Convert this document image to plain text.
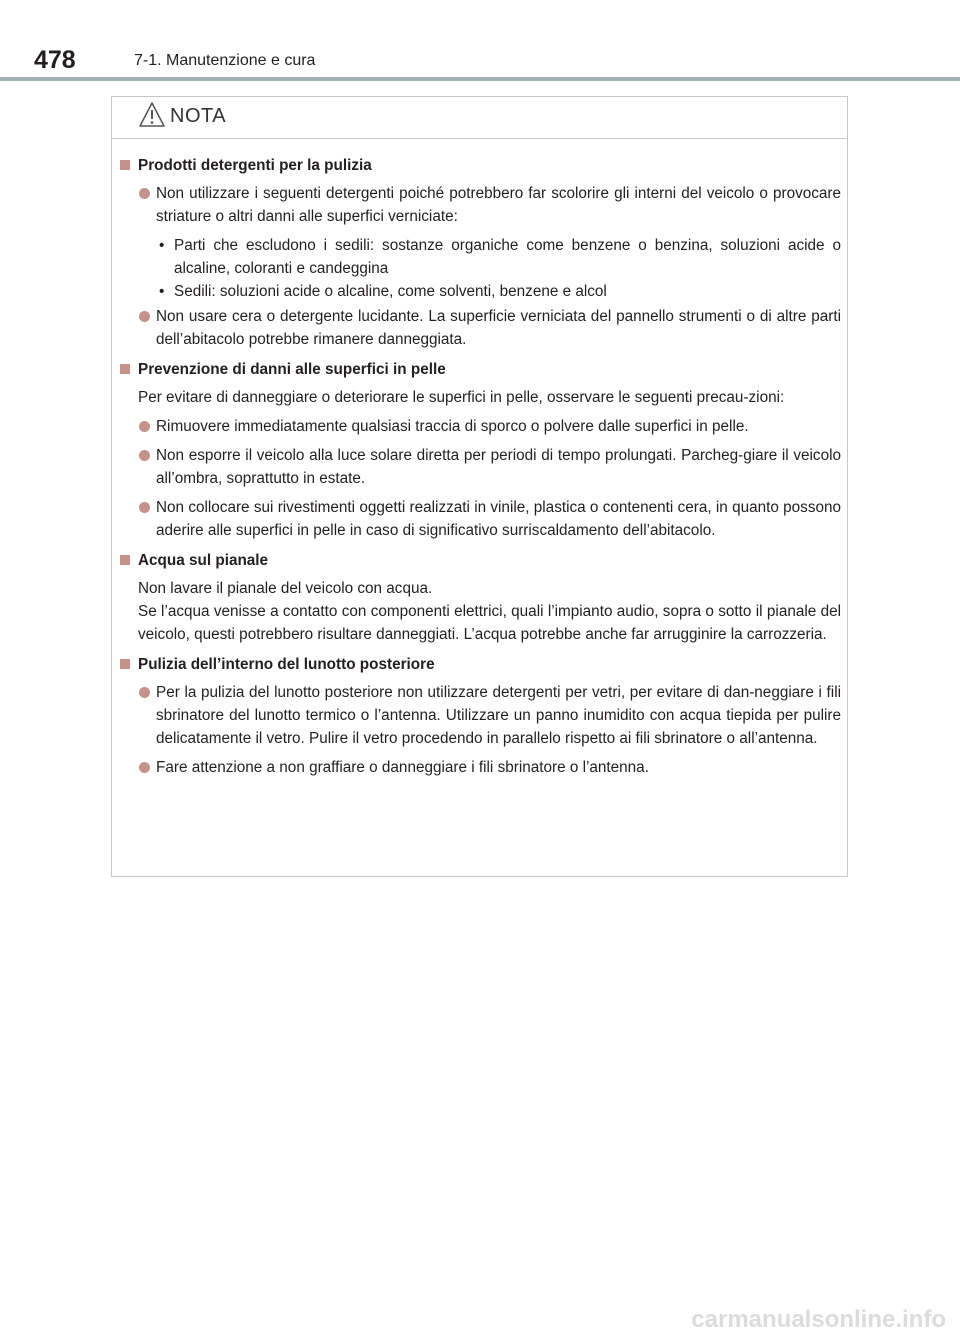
478	7-1. Manutenzione e cura
NOTA
Prodotti detergenti per la pulizia
Non utilizzare i seguenti detergenti poiché potrebbero far scolorire gli interni del veicolo o provocare striature o altri danni alle superfici verniciate:
• Parti che escludono i sedili: sostanze organiche come benzene o benzina, soluzioni acide o alcaline, coloranti e candeggina
• Sedili: soluzioni acide o alcaline, come solventi, benzene e alcol
Non usare cera o detergente lucidante. La superficie verniciata del pannello strumenti o di altre parti dell’abitacolo potrebbe rimanere danneggiata.
Prevenzione di danni alle superfici in pelle
Per evitare di danneggiare o deteriorare le superfici in pelle, osservare le seguenti precau-zioni:
Rimuovere immediatamente qualsiasi traccia di sporco o polvere dalle superfici in pelle.
Non esporre il veicolo alla luce solare diretta per periodi di tempo prolungati. Parcheg-giare il veicolo all’ombra, soprattutto in estate.
Non collocare sui rivestimenti oggetti realizzati in vinile, plastica o contenenti cera, in quanto possono aderire alle superfici in pelle in caso di significativo surriscaldamento dell’abitacolo.
Acqua sul pianale
Non lavare il pianale del veicolo con acqua.
Se l’acqua venisse a contatto con componenti elettrici, quali l’impianto audio, sopra o sotto il pianale del veicolo, questi potrebbero risultare danneggiati. L’acqua potrebbe anche far arrugginire la carrozzeria.
Pulizia dell’interno del lunotto posteriore
Per la pulizia del lunotto posteriore non utilizzare detergenti per vetri, per evitare di dan-neggiare i fili sbrinatore del lunotto termico o l’antenna. Utilizzare un panno inumidito con acqua tiepida per pulire delicatamente il vetro. Pulire il vetro procedendo in parallelo rispetto ai fili sbrinatore o all’antenna.
Fare attenzione a non graffiare o danneggiare i fili sbrinatore o l’antenna.
carmanualsonline.info
